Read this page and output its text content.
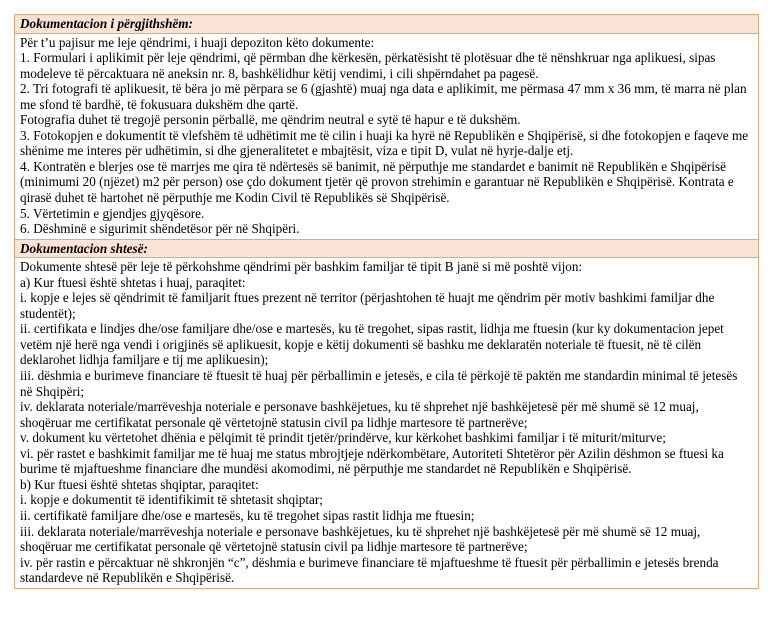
Dokumentacion i përgjithshëm:

Për t’u pajisur me leje qëndrimi, i huaji depoziton këto dokumente:
1. Formulari i aplikimit për leje qëndrimi, që përmban dhe kërkesën, përkatësisht të plotësuar dhe të nënshkruar nga aplikuesi, sipas modeleve të përcaktuara në aneksin nr. 8, bashkëlidhur këtij vendimi, i cili shpërndahet pa pagesë.
2. Tri fotografi të aplikuesit, të bëra jo më përpara se 6 (gjashtë) muaj nga data e aplikimit, me përmasa 47 mm x 36 mm, të marra në plan me sfond të bardhë, të fokusuara dukshëm dhe qartë.
Fotografia duhet të tregojë personin përballë, me qëndrim neutral e sytë të hapur e të dukshëm.
3. Fotokopjen e dokumentit të vlefshëm të udhëtimit me të cilin i huaji ka hyrë në Republikën e Shqipërisë, si dhe fotokopjen e faqeve me shënime me interes për udhëtimin, si dhe gjeneralitetet e mbajtësit, viza e tipit D, vulat në hyrje-dalje etj.
4. Kontratën e blerjes ose të marrjes me qira të ndërtesës së banimit, në përputhje me standardet e banimit në Republikën e Shqipërisë (minimumi 20 (njëzet) m2 për person) ose çdo dokument tjetër që provon strehimin e garantuar në Republikën e Shqipërisë. Kontrata e qirasë duhet të hartohet në përputhje me Kodin Civil të Republikës së Shqipërisë.
5. Vërtetimin e gjendjes gjyqësore.
6. Dëshminë e sigurimit shëndetësor për në Shqipëri.

Dokumentacion shtesë:

Dokumente shtesë për leje të përkohshme qëndrimi për bashkim familjar të tipit B janë si më poshtë vijon:
a) Kur ftuesi është shtetas i huaj, paraqitet:
i. kopje e lejes së qëndrimit të familjarit ftues prezent në territor (përjashtohen të huajt me qëndrim për motiv bashkimi familjar dhe studentët);
ii. certifikata e lindjes dhe/ose familjare dhe/ose e martesës, ku të tregohet, sipas rastit, lidhja me ftuesin (kur ky dokumentacion jepet vetëm një herë nga vendi i origjinës së aplikuesit, kopje e këtij dokumenti së bashku me deklaratën noteriale të ftuesit, në të cilën deklarohet lidhja familjare e tij me aplikuesin);
iii. dëshmia e burimeve financiare të ftuesit të huaj për përballimin e jetesës, e cila të përkojë të paktën me standardin minimal të jetesës në Shqipëri;
iv. deklarata noteriale/marrëveshja noteriale e personave bashkëjetues, ku të shprehet një bashkëjetesë për më shumë së 12 muaj, shoqëruar me certifikatat personale që vërtetojnë statusin civil pa lidhje martesore të partnerëve;
v. dokument ku vërtetohet dhënia e pëlqimit të prindit tjetër/prindërve, kur kërkohet bashkimi familjar i të miturit/miturve;
vi. për rastet e bashkimit familjar me të huaj me status mbrojtjeje ndërkombëtare, Autoriteti Shtetëror për Azilin dëshmon se ftuesi ka burime të mjaftueshme financiare dhe mundësi akomodimi, në përputhje me standardet në Republikën e Shqipërisë.
b) Kur ftuesi është shtetas shqiptar, paraqitet:
i. kopje e dokumentit të identifikimit të shtetasit shqiptar;
ii. certifikatë familjare dhe/ose e martesës, ku të tregohet sipas rastit lidhja me ftuesin;
iii. deklarata noteriale/marrëveshja noteriale e personave bashkëjetues, ku të shprehet një bashkëjetesë për më shumë së 12 muaj, shoqëruar me certifikatat personale që vërtetojnë statusin civil pa lidhje martesore të partnerëve;
iv. për rastin e përcaktuar në shkronjën “c”, dëshmia e burimeve financiare të mjaftueshme të ftuesit për përballimin e jetesës brenda standardeve në Republikën e Shqipërisë.
